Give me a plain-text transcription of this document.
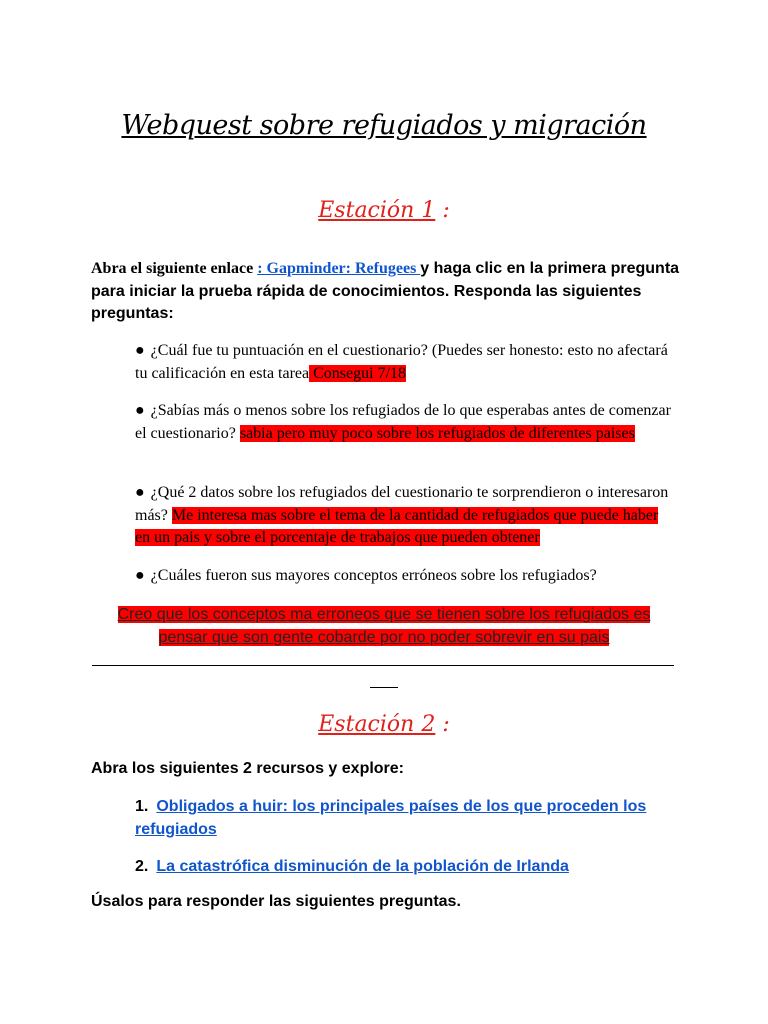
Webquest sobre refugiados y migración
Estación 1 :
Abra el siguiente enlace : Gapminder: Refugees y haga clic en la primera pregunta para iniciar la prueba rápida de conocimientos. Responda las siguientes preguntas:
● ¿Cuál fue tu puntuación en el cuestionario? (Puedes ser honesto: esto no afectará tu calificación en esta tarea Consegui 7/18
● ¿Sabías más o menos sobre los refugiados de lo que esperabas antes de comenzar el cuestionario? sabia pero muy poco sobre los refugiados de diferentes paises
● ¿Qué 2 datos sobre los refugiados del cuestionario te sorprendieron o interesaron más? Me interesa mas sobre el tema de la cantidad de refugiados que puede haber en un pais y sobre el porcentaje de trabajos que pueden obtener
● ¿Cuáles fueron sus mayores conceptos erróneos sobre los refugiados?
Creo que los conceptos ma erroneos que se tienen sobre los refugiados es pensar que son gente cobarde por no poder sobrevir en su pais
Estación 2 :
Abra los siguientes 2 recursos y explore:
1. Obligados a huir: los principales países de los que proceden los refugiados
2. La catastrófica disminución de la población de Irlanda
Úsalos para responder las siguientes preguntas.
